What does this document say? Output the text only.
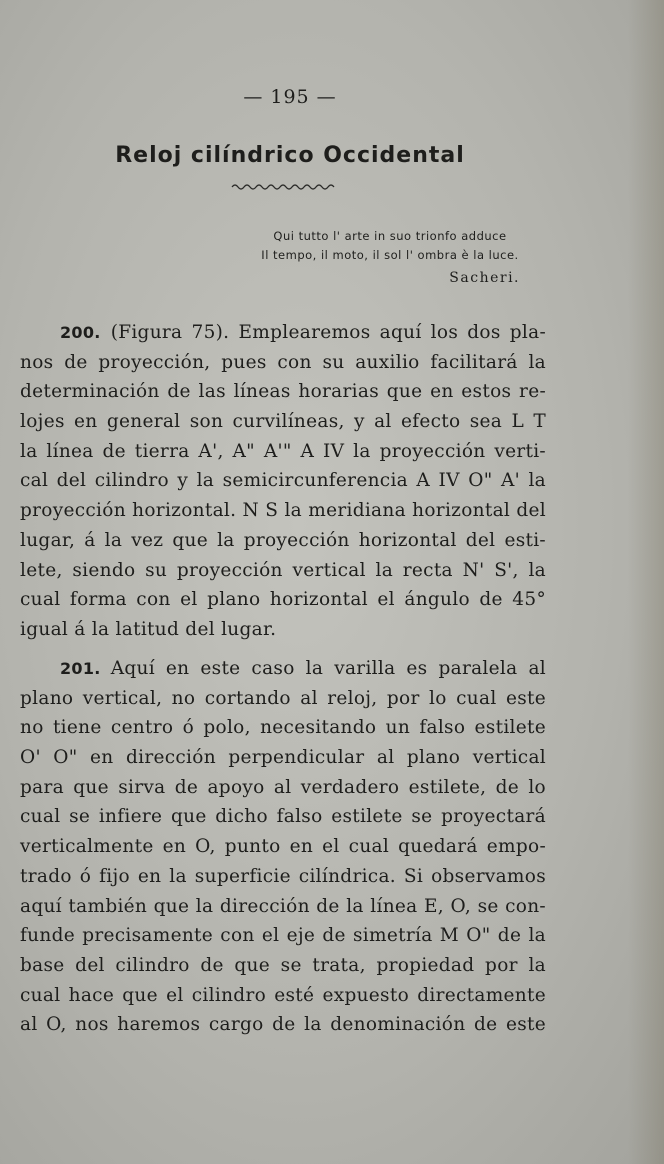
— 195 —
Reloj cilíndrico Occidental
Qui tutto l' arte in suo trionfo adduce
Il tempo, il moto, il sol l' ombra è la luce.
Sacheri.
200. (Figura 75). Emplearemos aquí los dos pla-
nos de proyección, pues con su auxilio facilitará la
determinación de las líneas horarias que en estos re-
lojes en general son curvilíneas, y al efecto sea L T
la línea de tierra A', A" A'" A IV la proyección verti-
cal del cilindro y la semicircunferencia A IV O" A' la
proyección horizontal. N S la meridiana horizontal del
lugar, á la vez que la proyección horizontal del esti-
lete, siendo su proyección vertical la recta N' S', la
cual forma con el plano horizontal el ángulo de 45°
igual á la latitud del lugar.
201. Aquí en este caso la varilla es paralela al
plano vertical, no cortando al reloj, por lo cual este
no tiene centro ó polo, necesitando un falso estilete
O' O" en dirección perpendicular al plano vertical
para que sirva de apoyo al verdadero estilete, de lo
cual se infiere que dicho falso estilete se proyectará
verticalmente en O, punto en el cual quedará empo-
trado ó fijo en la superficie cilíndrica. Si observamos
aquí también que la dirección de la línea E, O, se con-
funde precisamente con el eje de simetría M O" de la
base del cilindro de que se trata, propiedad por la
cual hace que el cilindro esté expuesto directamente
al O, nos haremos cargo de la denominación de este
